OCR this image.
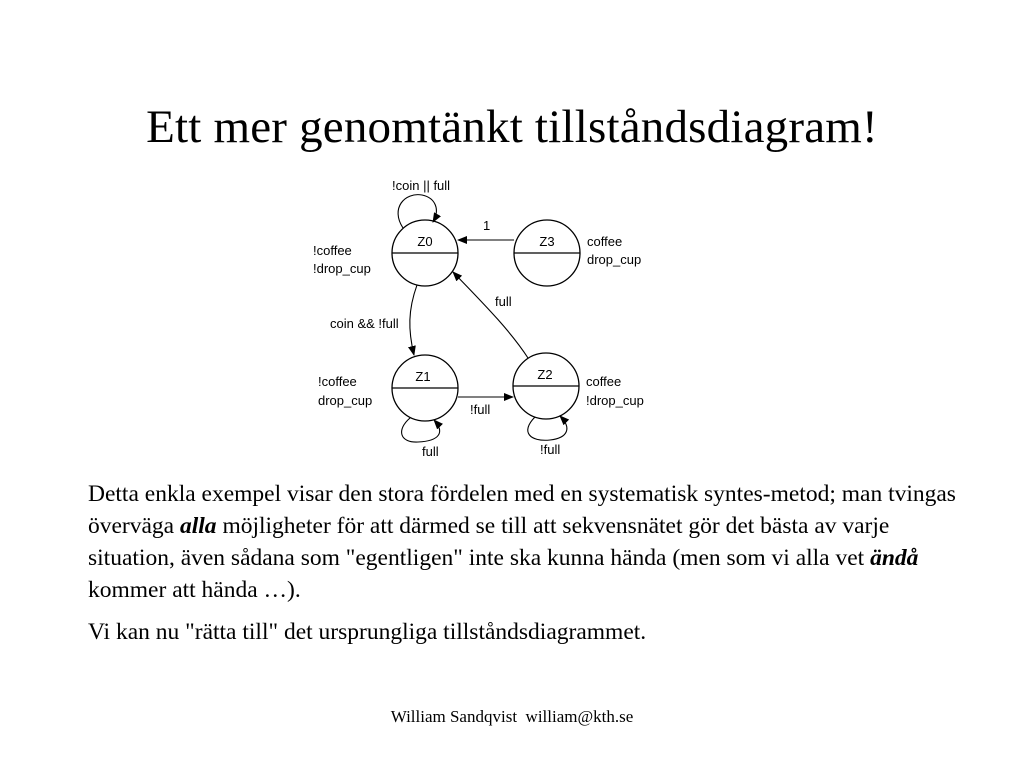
Ett mer genomtänkt tillståndsdiagram!
Z0	Z3
Z1	Z2
!coin || full
1
coin && !full
full
!full
full	!full
!coffee
!drop_cup
coffee
drop_cup
!coffee
drop_cup
coffee
!drop_cup

Detta enkla exempel visar den stora fördelen med en systematisk syntes-metod; man tvingas överväga alla möjligheter för att därmed se till att sekvensnätet gör det bästa av varje situation, även sådana som "egentligen" inte ska kunna hända (men som vi alla vet ändå kommer att hända …).

Vi kan nu "rätta till" det ursprungliga tillståndsdiagrammet.

William Sandqvist  william@kth.se
